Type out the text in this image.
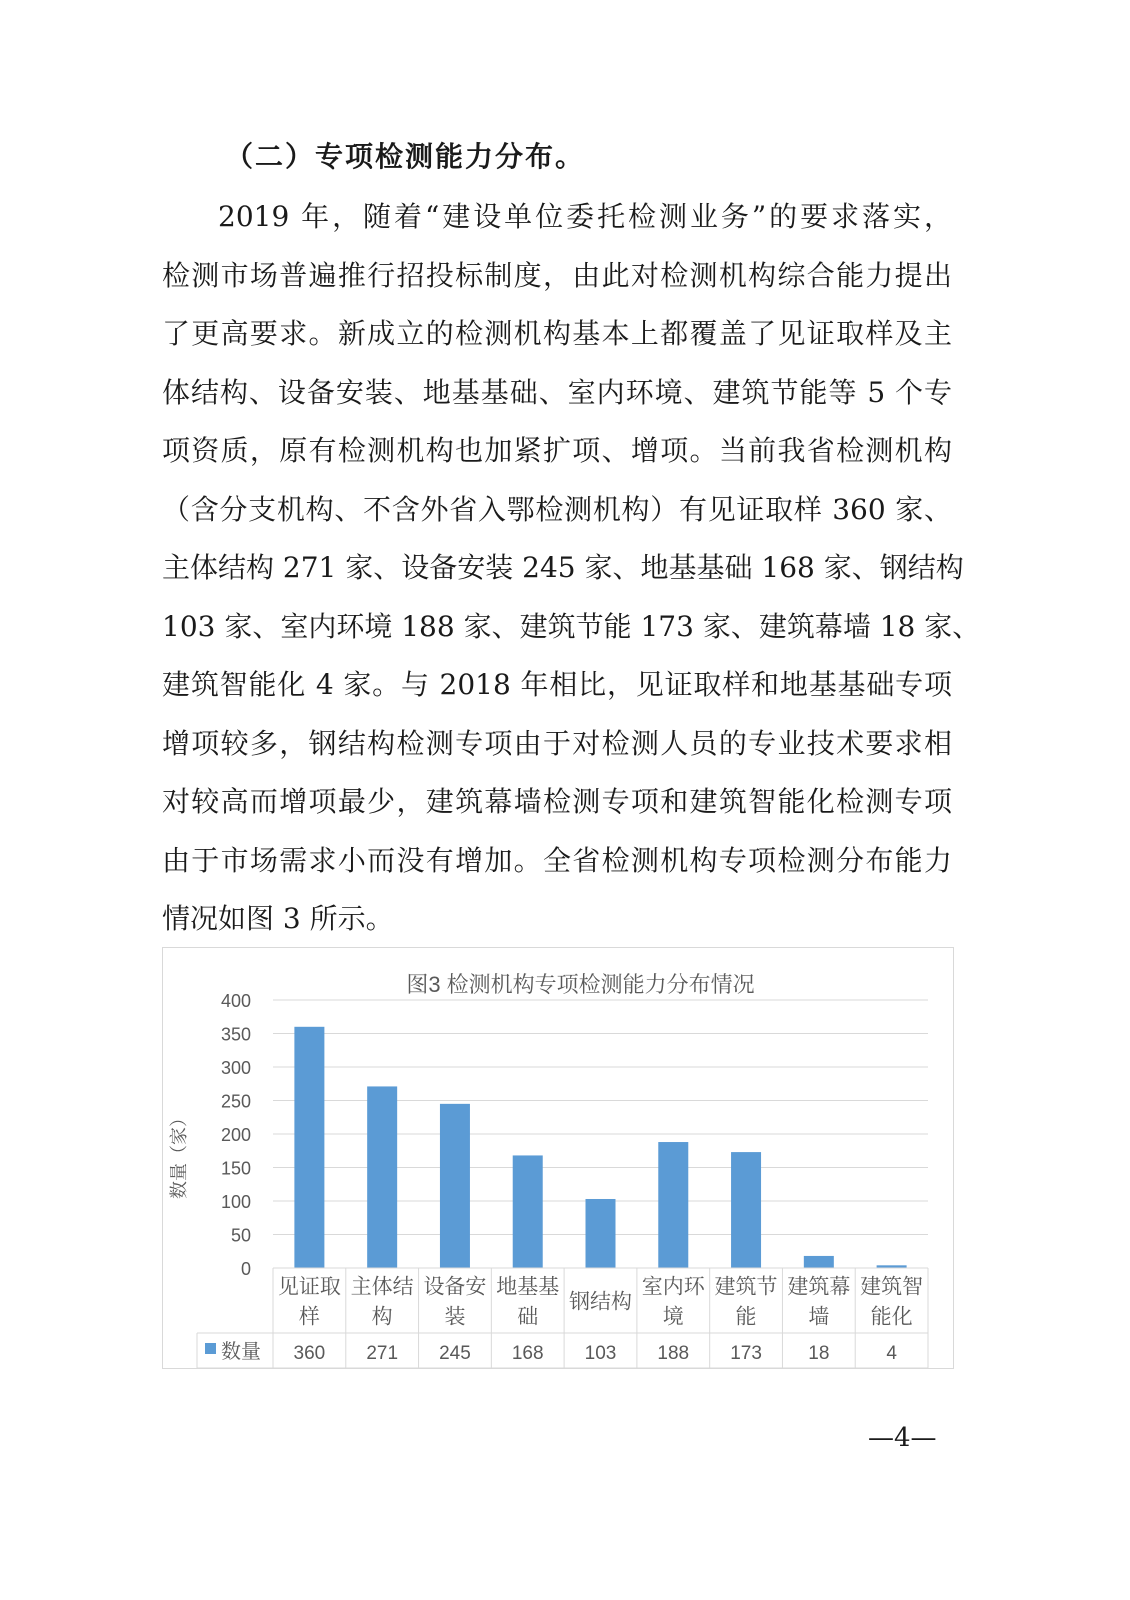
（二）专项检测能力分布。
2019 年，随着“建设单位委托检测业务”的要求落实，
检测市场普遍推行招投标制度，由此对检测机构综合能力提出
了更高要求。新成立的检测机构基本上都覆盖了见证取样及主
体结构、设备安装、地基基础、室内环境、建筑节能等 5 个专
项资质，原有检测机构也加紧扩项、增项。当前我省检测机构
（含分支机构、不含外省入鄂检测机构）有见证取样 360 家、
主体结构 271 家、设备安装 245 家、地基基础 168 家、钢结构
103 家、室内环境 188 家、建筑节能 173 家、建筑幕墙 18 家、
建筑智能化 4 家。与 2018 年相比，见证取样和地基基础专项
增项较多，钢结构检测专项由于对检测人员的专业技术要求相
对较高而增项最少，建筑幕墙检测专项和建筑智能化检测专项
由于市场需求小而没有增加。全省检测机构专项检测分布能力
情况如图 3 所示。
图3 检测机构专项检测能力分布情况
0
50
100
150
200
250
300
350
400
数量（家）
见证取
样
主体结
构
设备安
装
地基基
础
钢结构
室内环
境
建筑节
能
建筑幕
墙
建筑智
能化
数量 360 271 245 168 103 188 173 18	4
—4—
